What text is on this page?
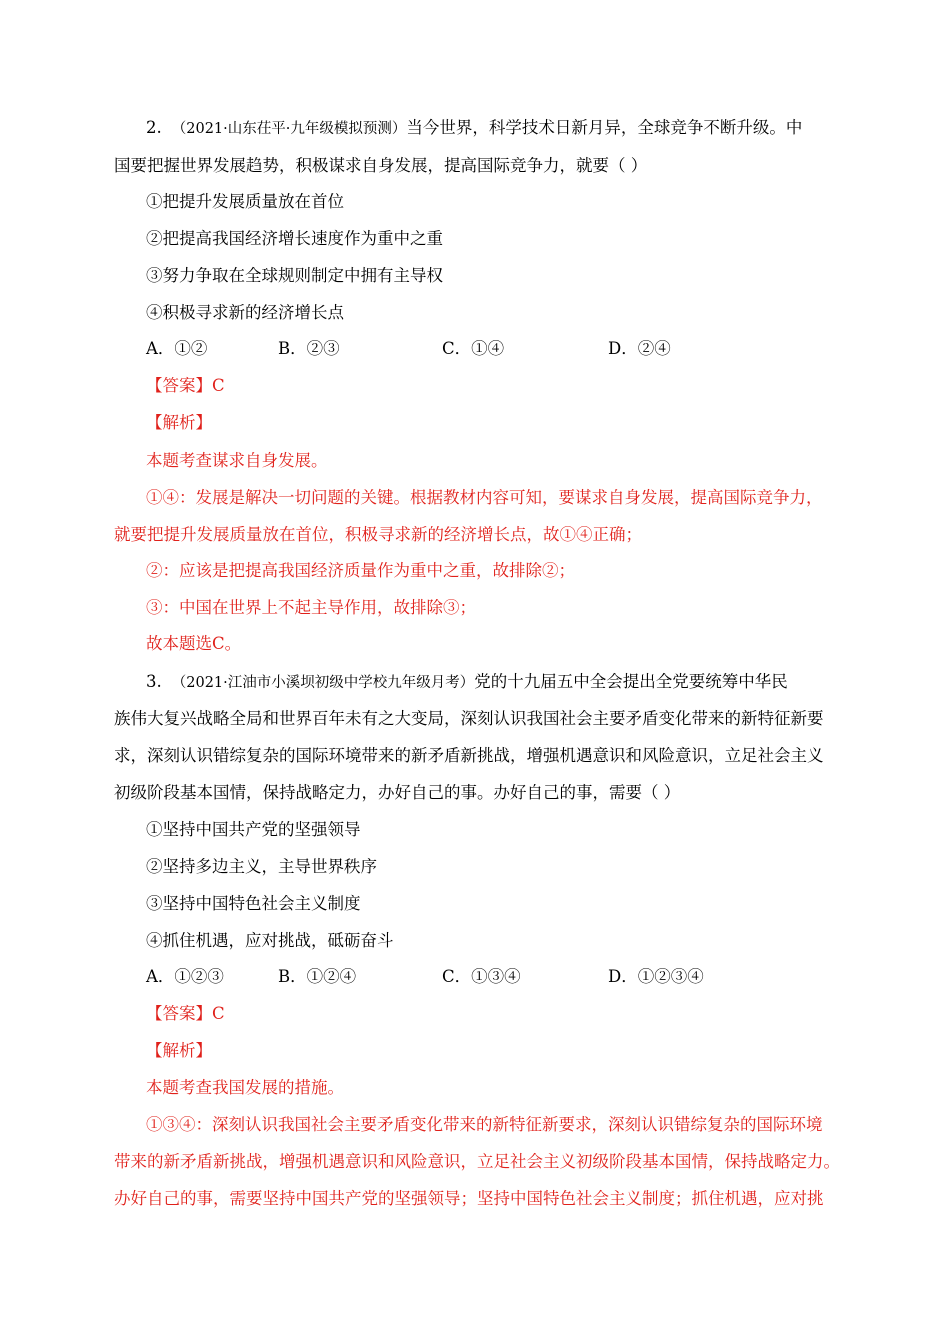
2. （2021·山东茌平·九年级模拟预测）当今世界，科学技术日新月异，全球竞争不断升级。中
国要把握世界发展趋势，积极谋求自身发展，提高国际竞争力，就要（ ）
①把提升发展质量放在首位
②把提高我国经济增长速度作为重中之重
③努力争取在全球规则制定中拥有主导权
④积极寻求新的经济增长点
A．①②	B．②③	C．①④	D．②④
【答案】C
【解析】
本题考查谋求自身发展。
①④：发展是解决一切问题的关键。根据教材内容可知，要谋求自身发展，提高国际竞争力，
就要把提升发展质量放在首位，积极寻求新的经济增长点，故①④正确；
②：应该是把提高我国经济质量作为重中之重，故排除②；
③：中国在世界上不起主导作用，故排除③；
故本题选C。
3. （2021·江油市小溪坝初级中学校九年级月考）党的十九届五中全会提出全党要统筹中华民
族伟大复兴战略全局和世界百年未有之大变局，深刻认识我国社会主要矛盾变化带来的新特征新要
求，深刻认识错综复杂的国际环境带来的新矛盾新挑战，增强机遇意识和风险意识，立足社会主义
初级阶段基本国情，保持战略定力，办好自己的事。办好自己的事，需要（ ）
①坚持中国共产党的坚强领导
②坚持多边主义，主导世界秩序
③坚持中国特色社会主义制度
④抓住机遇，应对挑战，砥砺奋斗
A．①②③	B．①②④	C．①③④	D．①②③④
【答案】C
【解析】
本题考查我国发展的措施。
①③④：深刻认识我国社会主要矛盾变化带来的新特征新要求，深刻认识错综复杂的国际环境
带来的新矛盾新挑战，增强机遇意识和风险意识，立足社会主义初级阶段基本国情，保持战略定力。
办好自己的事，需要坚持中国共产党的坚强领导；坚持中国特色社会主义制度；抓住机遇，应对挑
